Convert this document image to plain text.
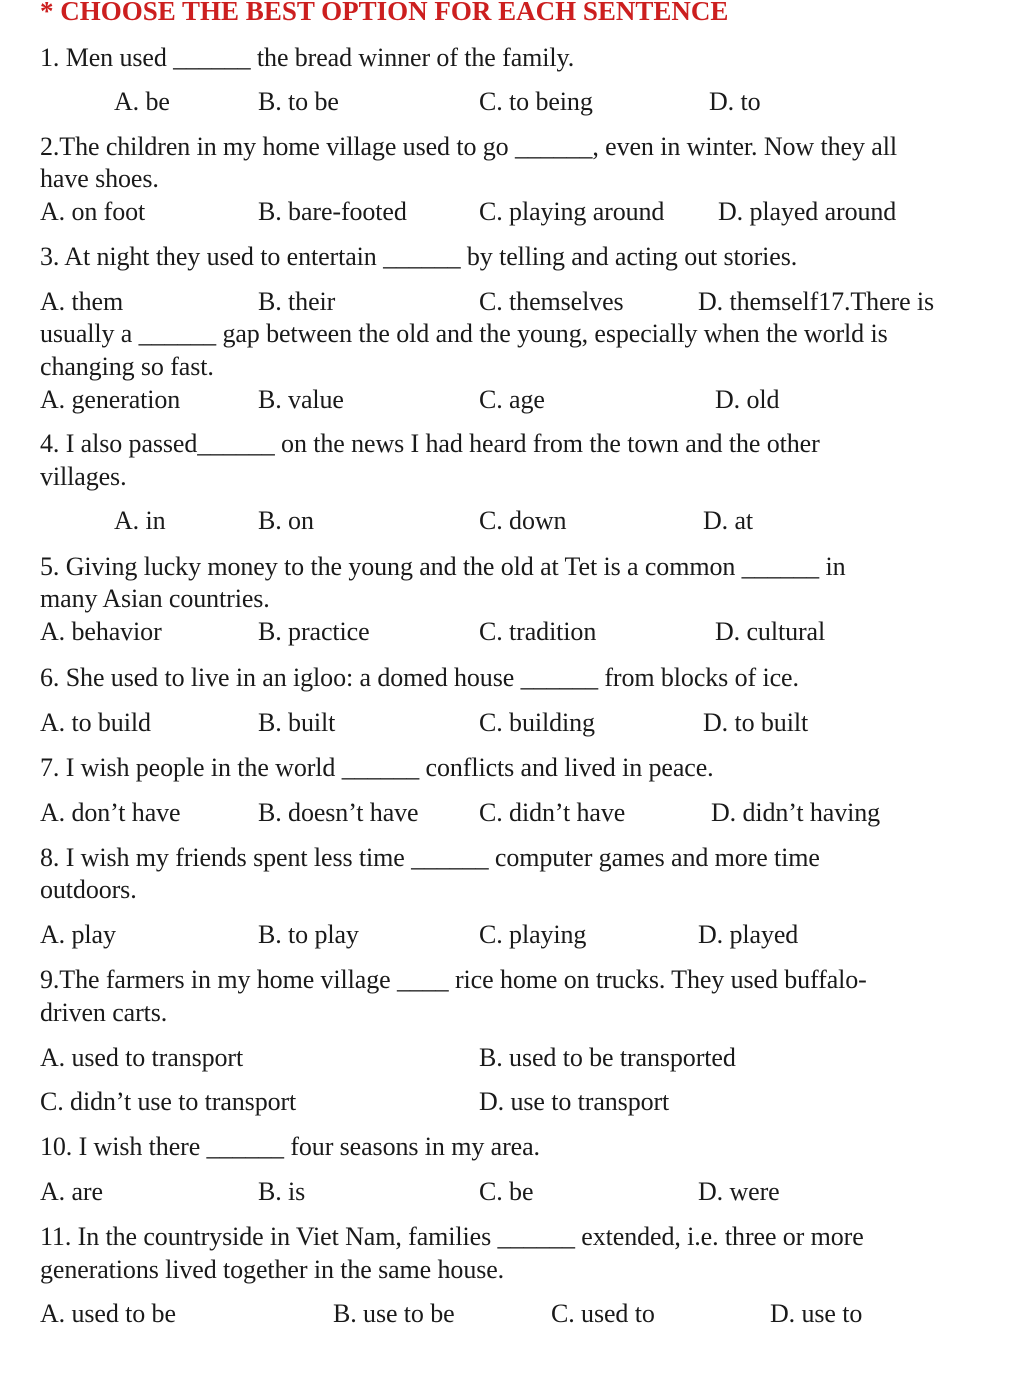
* CHOOSE THE BEST OPTION FOR EACH SENTENCE
1. Men used ______ the bread winner of the family.
A. be	B. to be	C. to being	D. to
2.The children in my home village used to go ______, even in winter. Now they all
have shoes.
A. on foot	B. bare-footed	C. playing around D. played around
3. At night they used to entertain ______ by telling and acting out stories.
A. them	B. their	C. themselves	D. themself17.There is
usually a ______ gap between the old and the young, especially when the world is
changing so fast.
A. generation	B. value	C. age	D. old
4. I also passed______ on the news I had heard from the town and the other
villages.
A. in	B. on	C. down	D. at
5. Giving lucky money to the young and the old at Tet is a common ______ in
many Asian countries.
A. behavior	B. practice	C. tradition	D. cultural
6. She used to live in an igloo: a domed house ______ from blocks of ice.
A. to build	B. built	C. building	D. to built
7. I wish people in the world ______ conflicts and lived in peace.
A. don’t have	B. doesn’t have C. didn’t have	D. didn’t having
8. I wish my friends spent less time ______ computer games and more time
outdoors.
A. play	B. to play	C. playing	D. played
9.The farmers in my home village ____ rice home on trucks. They used buffalo-
driven carts.
A. used to transport	B. used to be transported
C. didn’t use to transport	D. use to transport
10. I wish there ______ four seasons in my area.
A. are	B. is	C. be	D. were
11. In the countryside in Viet Nam, families ______ extended, i.e. three or more
generations lived together in the same house.
A. used to be	B. use to be	C. used to	D. use to
